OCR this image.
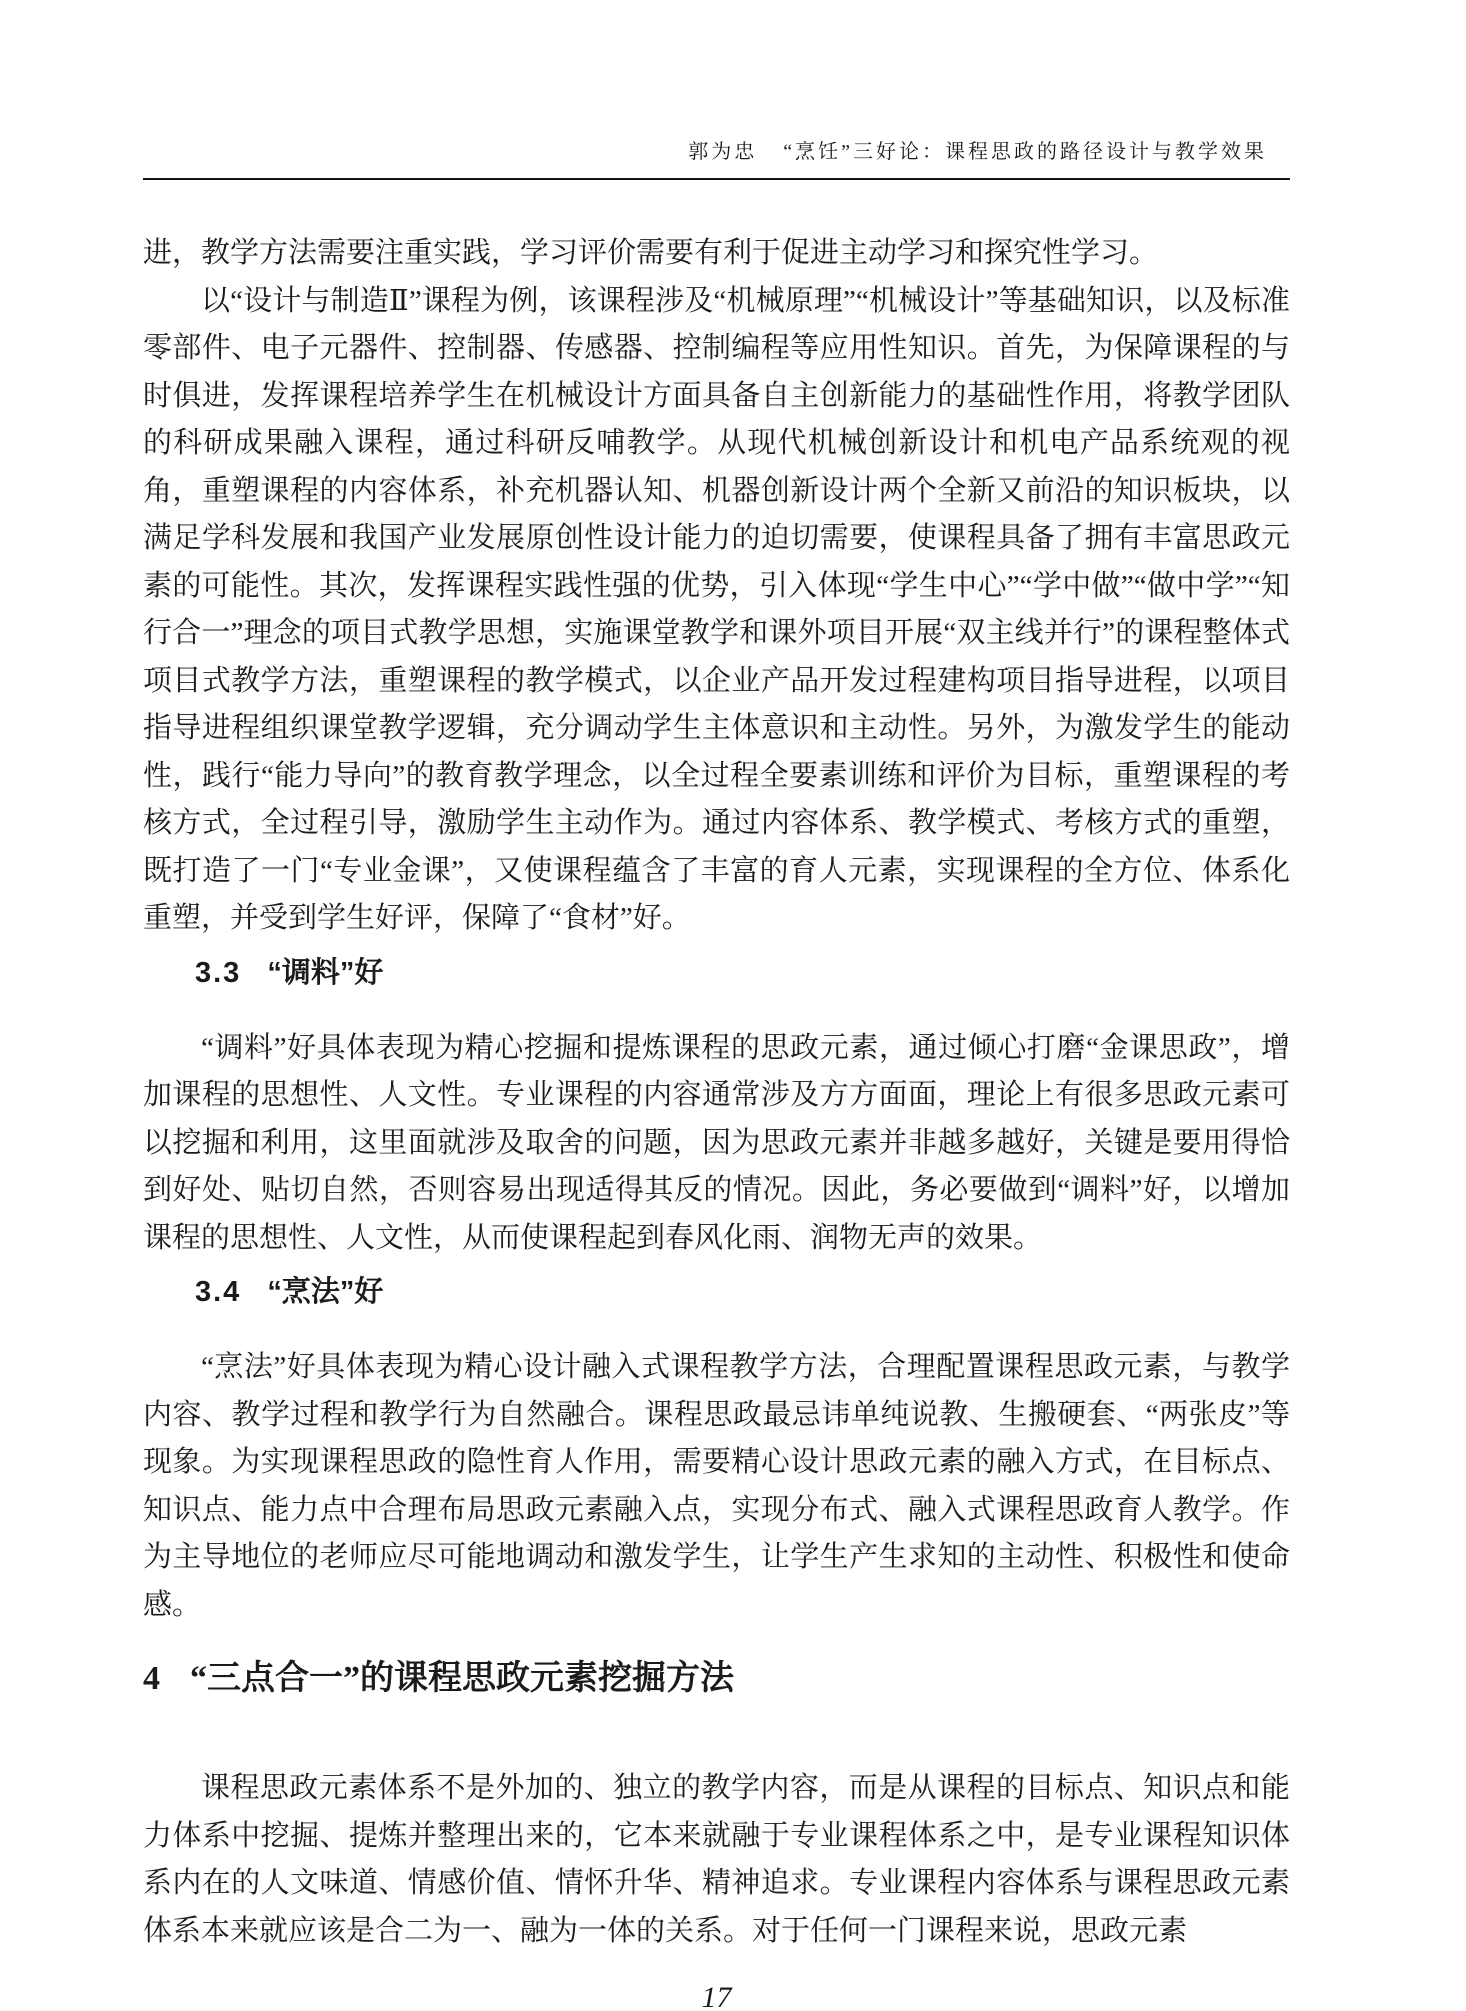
郭为忠 “烹饪”三好论：课程思政的路径设计与教学效果

进，教学方法需要注重实践，学习评价需要有利于促进主动学习和探究性学习。

以“设计与制造Ⅱ”课程为例，该课程涉及“机械原理”“机械设计”等基础知识，以及标准零部件、电子元器件、控制器、传感器、控制编程等应用性知识。首先，为保障课程的与时俱进，发挥课程培养学生在机械设计方面具备自主创新能力的基础性作用，将教学团队的科研成果融入课程，通过科研反哺教学。从现代机械创新设计和机电产品系统观的视角，重塑课程的内容体系，补充机器认知、机器创新设计两个全新又前沿的知识板块，以满足学科发展和我国产业发展原创性设计能力的迫切需要，使课程具备了拥有丰富思政元素的可能性。其次，发挥课程实践性强的优势，引入体现“学生中心”“学中做”“做中学”“知行合一”理念的项目式教学思想，实施课堂教学和课外项目开展“双主线并行”的课程整体式项目式教学方法，重塑课程的教学模式，以企业产品开发过程建构项目指导进程，以项目指导进程组织课堂教学逻辑，充分调动学生主体意识和主动性。另外，为激发学生的能动性，践行“能力导向”的教育教学理念，以全过程全要素训练和评价为目标，重塑课程的考核方式，全过程引导，激励学生主动作为。通过内容体系、教学模式、考核方式的重塑，既打造了一门“专业金课”，又使课程蕴含了丰富的育人元素，实现课程的全方位、体系化重塑，并受到学生好评，保障了“食材”好。

3.3 “调料”好

“调料”好具体表现为精心挖掘和提炼课程的思政元素，通过倾心打磨“金课思政”，增加课程的思想性、人文性。专业课程的内容通常涉及方方面面，理论上有很多思政元素可以挖掘和利用，这里面就涉及取舍的问题，因为思政元素并非越多越好，关键是要用得恰到好处、贴切自然，否则容易出现适得其反的情况。因此，务必要做到“调料”好，以增加课程的思想性、人文性，从而使课程起到春风化雨、润物无声的效果。

3.4 “烹法”好

“烹法”好具体表现为精心设计融入式课程教学方法，合理配置课程思政元素，与教学内容、教学过程和教学行为自然融合。课程思政最忌讳单纯说教、生搬硬套、“两张皮”等现象。为实现课程思政的隐性育人作用，需要精心设计思政元素的融入方式，在目标点、知识点、能力点中合理布局思政元素融入点，实现分布式、融入式课程思政育人教学。作为主导地位的老师应尽可能地调动和激发学生，让学生产生求知的主动性、积极性和使命感。

4 “三点合一”的课程思政元素挖掘方法

课程思政元素体系不是外加的、独立的教学内容，而是从课程的目标点、知识点和能力体系中挖掘、提炼并整理出来的，它本来就融于专业课程体系之中，是专业课程知识体系内在的人文味道、情感价值、情怀升华、精神追求。专业课程内容体系与课程思政元素体系本来就应该是合二为一、融为一体的关系。对于任何一门课程来说，思政元素

17
